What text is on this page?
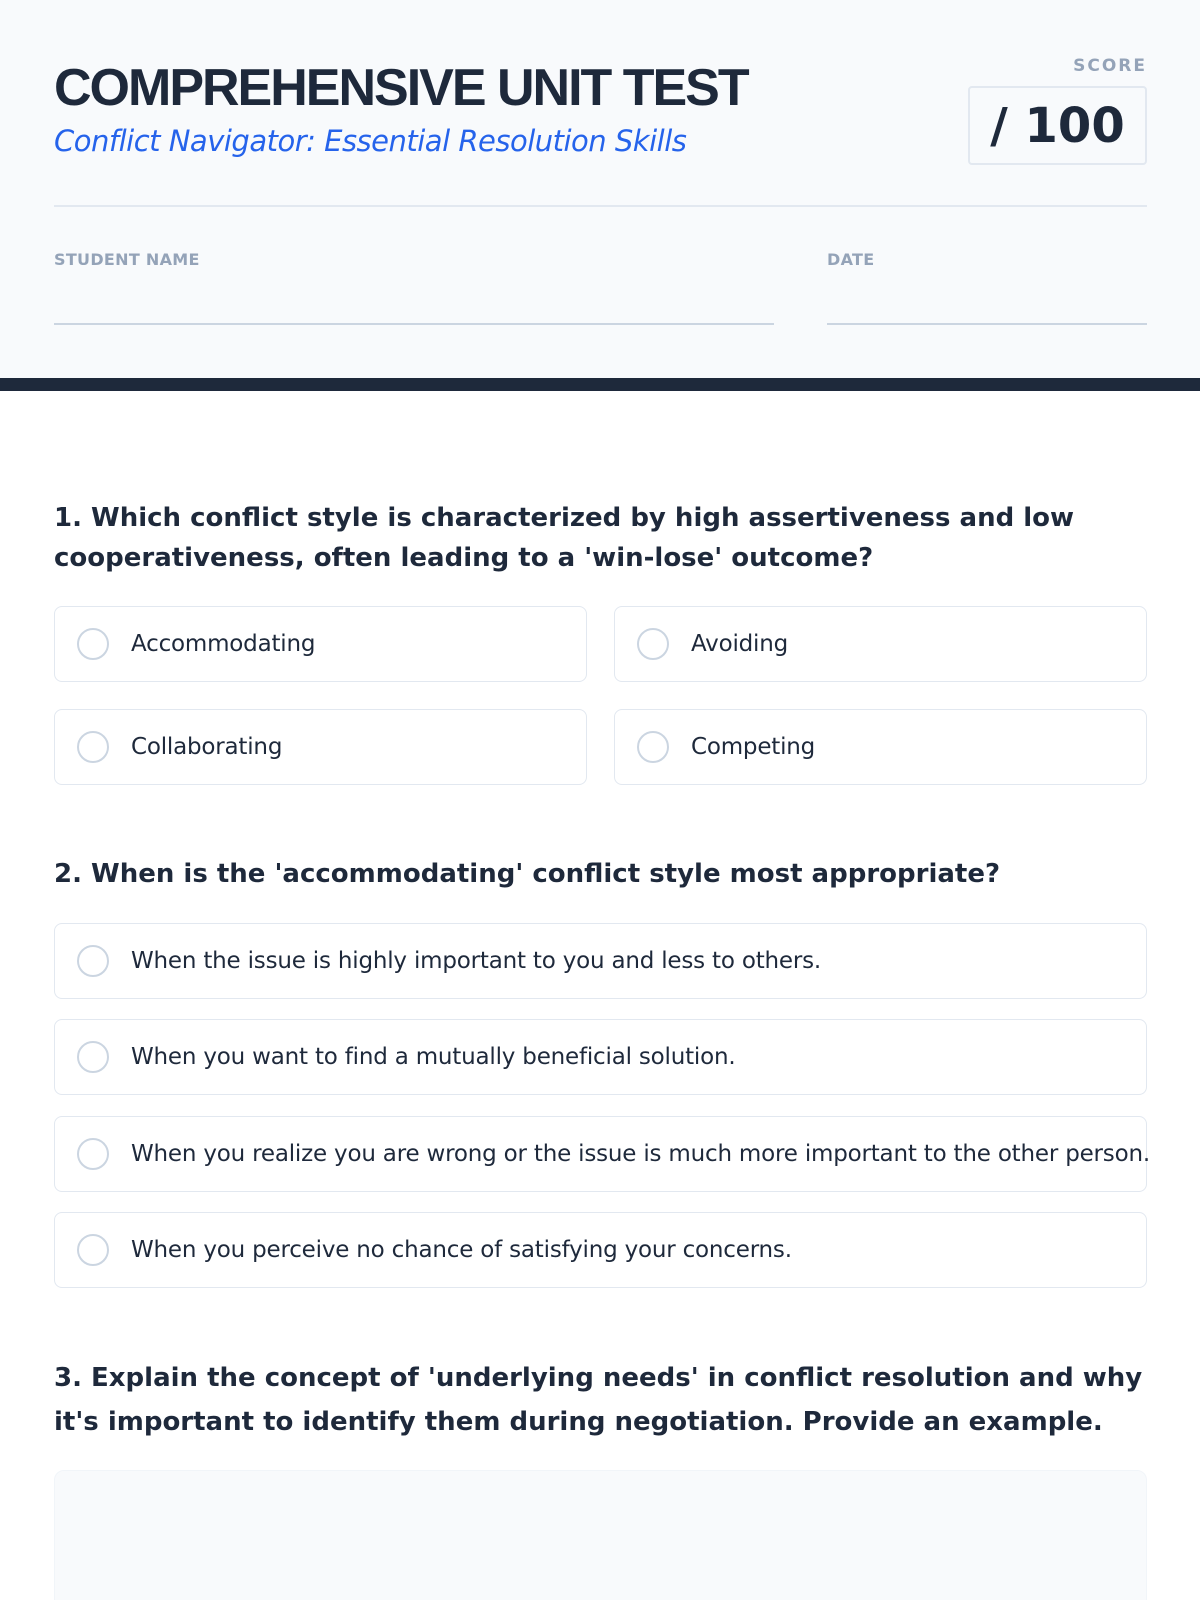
COMPREHENSIVE UNIT TEST
Conflict Navigator: Essential Resolution Skills
SCORE
/ 100
STUDENT NAME	DATE
1. Which conflict style is characterized by high assertiveness and low cooperativeness, often leading to a 'win-lose' outcome?
Accommodating	Avoiding
Collaborating	Competing
2. When is the 'accommodating' conflict style most appropriate?
When the issue is highly important to you and less to others.
When you want to find a mutually beneficial solution.
When you realize you are wrong or the issue is much more important to the other person.
When you perceive no chance of satisfying your concerns.
3. Explain the concept of 'underlying needs' in conflict resolution and why it's important to identify them during negotiation. Provide an example.
